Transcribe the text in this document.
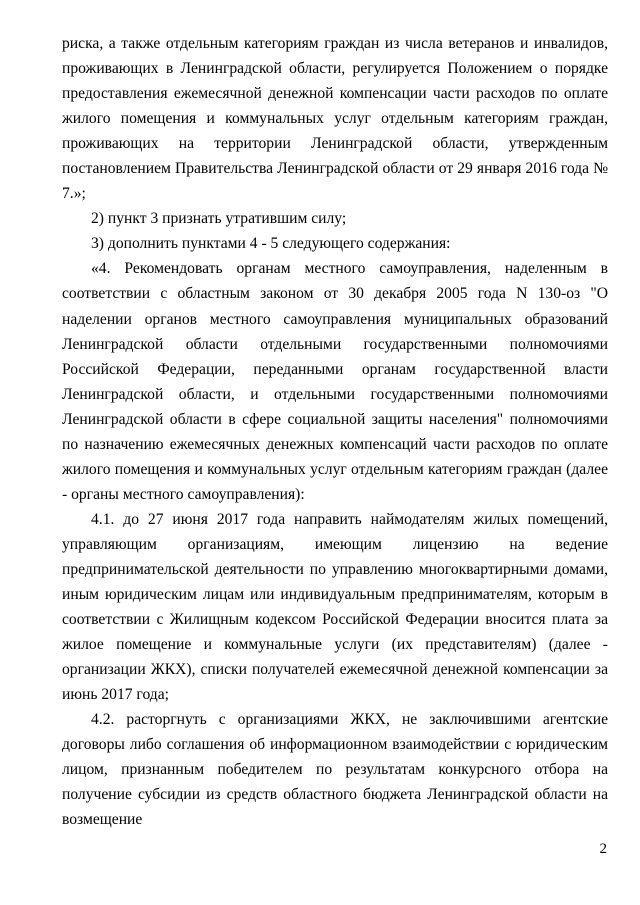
риска, а также отдельным категориям граждан из числа ветеранов и инвалидов, проживающих в Ленинградской области, регулируется Положением о порядке предоставления ежемесячной денежной компенсации части расходов по оплате жилого помещения и коммунальных услуг отдельным категориям граждан, проживающих на территории Ленинградской области, утвержденным постановлением Правительства Ленинградской области от 29 января 2016 года № 7.»;

2) пункт 3 признать утратившим силу;

3) дополнить пунктами 4 - 5 следующего содержания:

«4. Рекомендовать органам местного самоуправления, наделенным в соответствии с областным законом от 30 декабря 2005 года N 130-оз "О наделении органов местного самоуправления муниципальных образований Ленинградской области отдельными государственными полномочиями Российской Федерации, переданными органам государственной власти Ленинградской области, и отдельными государственными полномочиями Ленинградской области в сфере социальной защиты населения" полномочиями по назначению ежемесячных денежных компенсаций части расходов по оплате жилого помещения и коммунальных услуг отдельным категориям граждан (далее - органы местного самоуправления):

4.1. до 27 июня 2017 года направить наймодателям жилых помещений, управляющим организациям, имеющим лицензию на ведение предпринимательской деятельности по управлению многоквартирными домами, иным юридическим лицам или индивидуальным предпринимателям, которым в соответствии с Жилищным кодексом Российской Федерации вносится плата за жилое помещение и коммунальные услуги (их представителям) (далее - организации ЖКХ), списки получателей ежемесячной денежной компенсации за июнь 2017 года;

4.2. расторгнуть с организациями ЖКХ, не заключившими агентские договоры либо соглашения об информационном взаимодействии с юридическим лицом, признанным победителем по результатам конкурсного отбора на получение субсидии из средств областного бюджета Ленинградской области на возмещение

2
